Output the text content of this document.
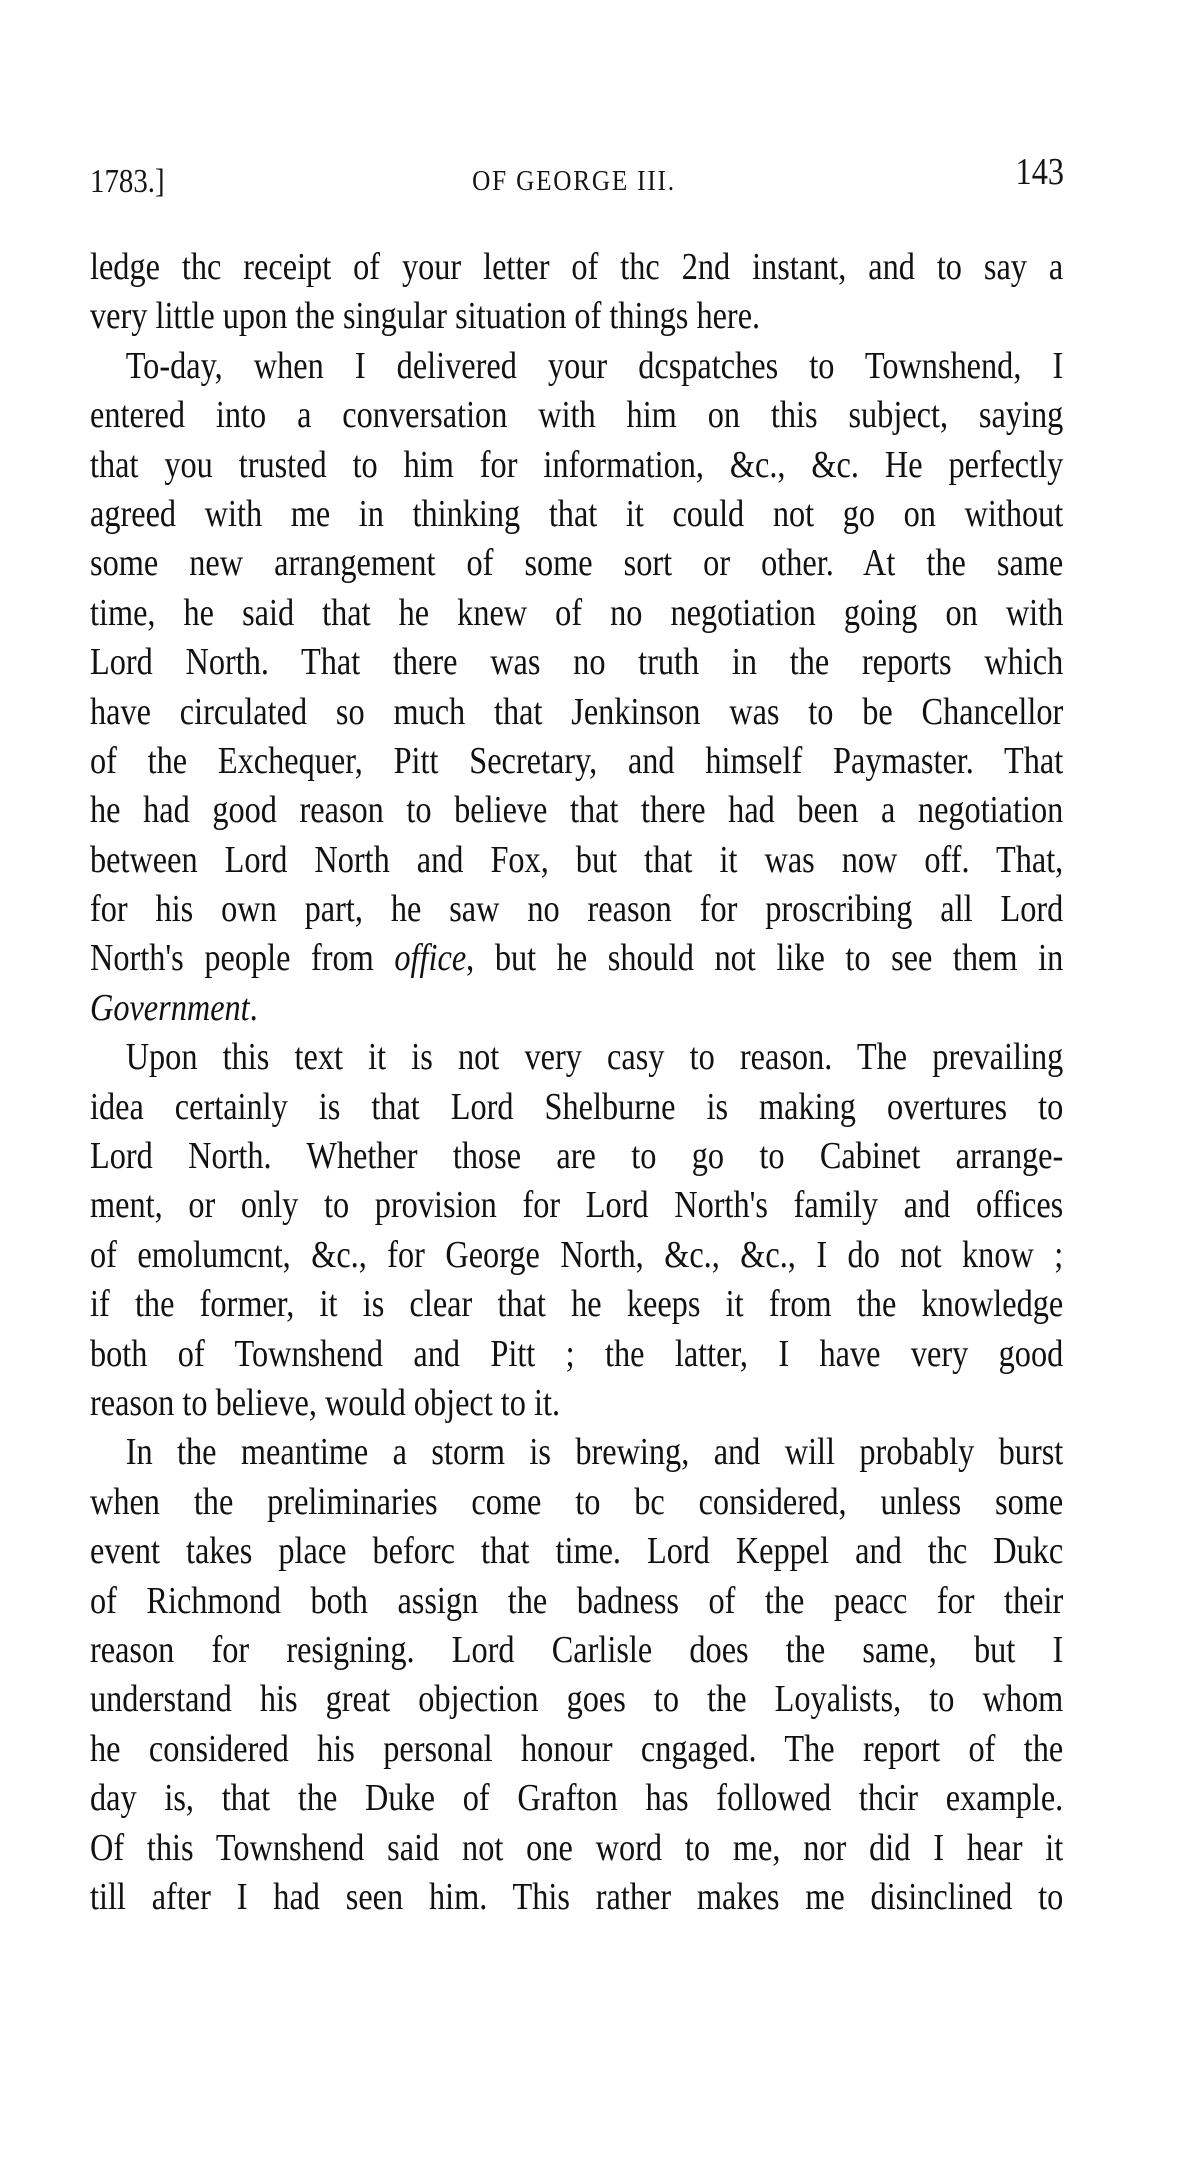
1783.]	OF GEORGE III.	143
ledge thc receipt of your letter of thc 2nd instant, and to say a
very little upon the singular situation of things here.
To-day, when I delivered your dcspatches to Townshend, I
entered into a conversation with him on this subject, saying
that you trusted to him for information, &c., &c. He perfectly
agreed with me in thinking that it could not go on without
some new arrangement of some sort or other. At the same
time, he said that he knew of no negotiation going on with
Lord North. That there was no truth in the reports which
have circulated so much that Jenkinson was to be Chancellor
of the Exchequer, Pitt Secretary, and himself Paymaster. That
he had good reason to believe that there had been a negotiation
between Lord North and Fox, but that it was now off. That,
for his own part, he saw no reason for proscribing all Lord
North's people from office, but he should not like to see them in
Government.
Upon this text it is not very casy to reason. The prevailing
idea certainly is that Lord Shelburne is making overtures to
Lord North. Whether those are to go to Cabinet arrange-
ment, or only to provision for Lord North's family and offices
of emolumcnt, &c., for George North, &c., &c., I do not know ;
if the former, it is clear that he keeps it from the knowledge
both of Townshend and Pitt ; the latter, I have very good
reason to believe, would object to it.
In the meantime a storm is brewing, and will probably burst
when the preliminaries come to bc considered, unless some
event takes place beforc that time. Lord Keppel and thc Dukc
of Richmond both assign the badness of the peacc for their
reason for resigning. Lord Carlisle does the same, but I
understand his great objection goes to the Loyalists, to whom
he considered his personal honour cngaged. The report of the
day is, that the Duke of Grafton has followed thcir example.
Of this Townshend said not one word to me, nor did I hear it
till after I had seen him. This rather makes me disinclined to
